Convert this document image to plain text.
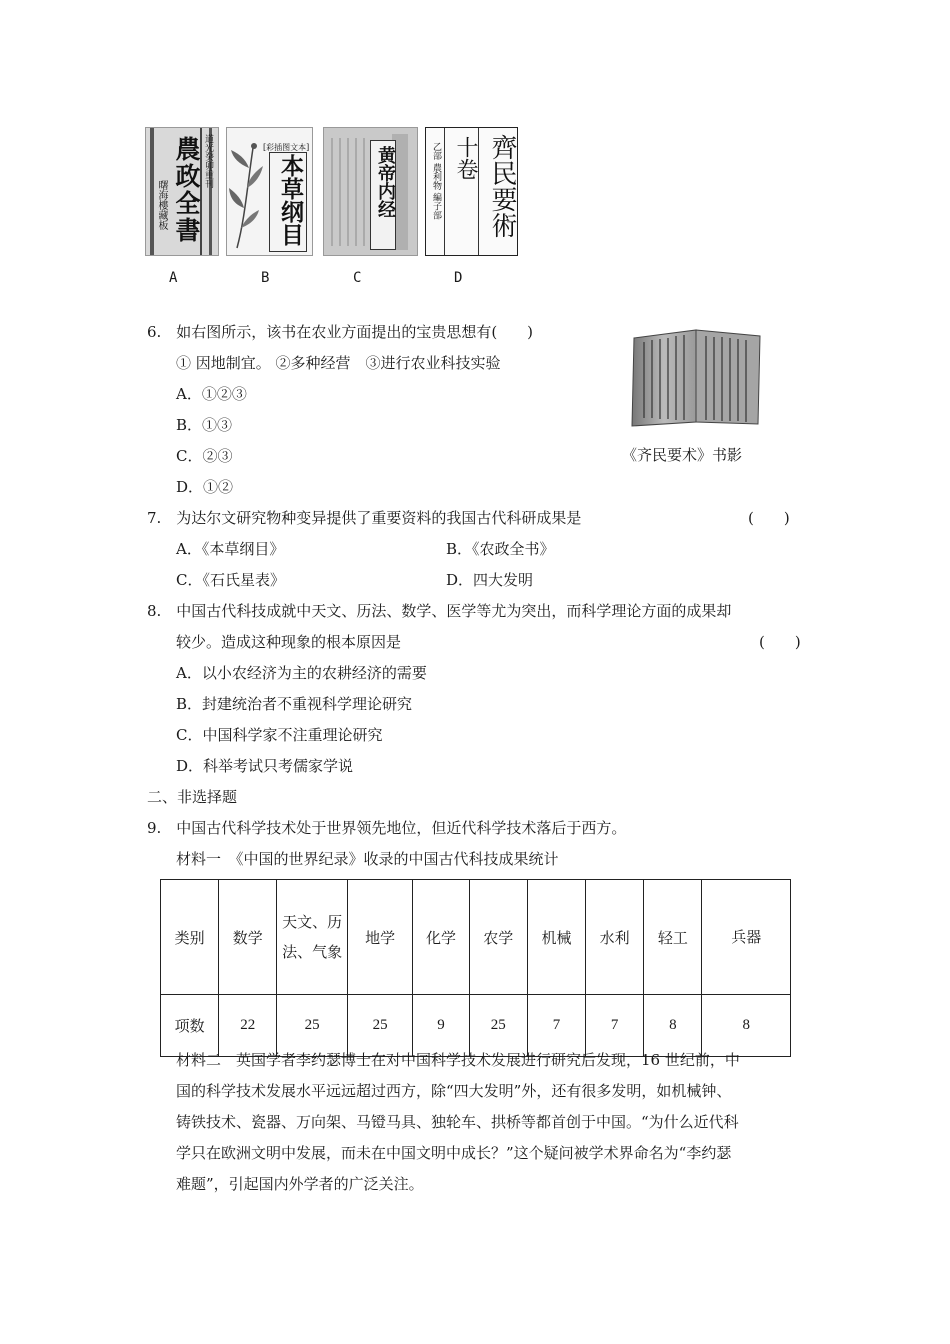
道光癸卯重刊
農政全書
曙海樓藏板
[彩插图文本]
本草纲目	黄帝内经	乙部 農利物 編子部 十卷 齊民要術
A	B	C	D
6.　如右图所示，该书在农业方面提出的宝贵思想有(　　)
① 因地制宜。 ②多种经营　③进行农业科技实验
A．①②③
B．①③
C．②③
D．①②
《齐民要术》书影
7.　为达尔文研究物种变异提供了重要资料的我国古代科研成果是	(　　)
A．《本草纲目》	B．《农政全书》
C．《石氏星表》	D．四大发明
8.　中国古代科技成就中天文、历法、数学、医学等尤为突出，而科学理论方面的成果却
较少。造成这种现象的根本原因是	(　　)
A．以小农经济为主的农耕经济的需要
B．封建统治者不重视科学理论研究
C．中国科学家不注重理论研究
D．科举考试只考儒家学说
二、非选择题
9.　中国古代科学技术处于世界领先地位，但近代科学技术落后于西方。
材料一　《中国的世界纪录》收录的中国古代科技成果统计
类别	数学	天文、历法、气象	地学	化学	农学	机械	水利	轻工	兵器
项数	22	25	25	9	25	7	7	8	8
材料二　英国学者李约瑟博士在对中国科学技术发展进行研究后发现，16 世纪前，中
国的科学技术发展水平远远超过西方，除“四大发明”外，还有很多发明，如机械钟、
铸铁技术、瓷器、万向架、马镫马具、独轮车、拱桥等都首创于中国。“为什么近代科
学只在欧洲文明中发展，而未在中国文明中成长？”这个疑问被学术界命名为“李约瑟
难题”，引起国内外学者的广泛关注。
